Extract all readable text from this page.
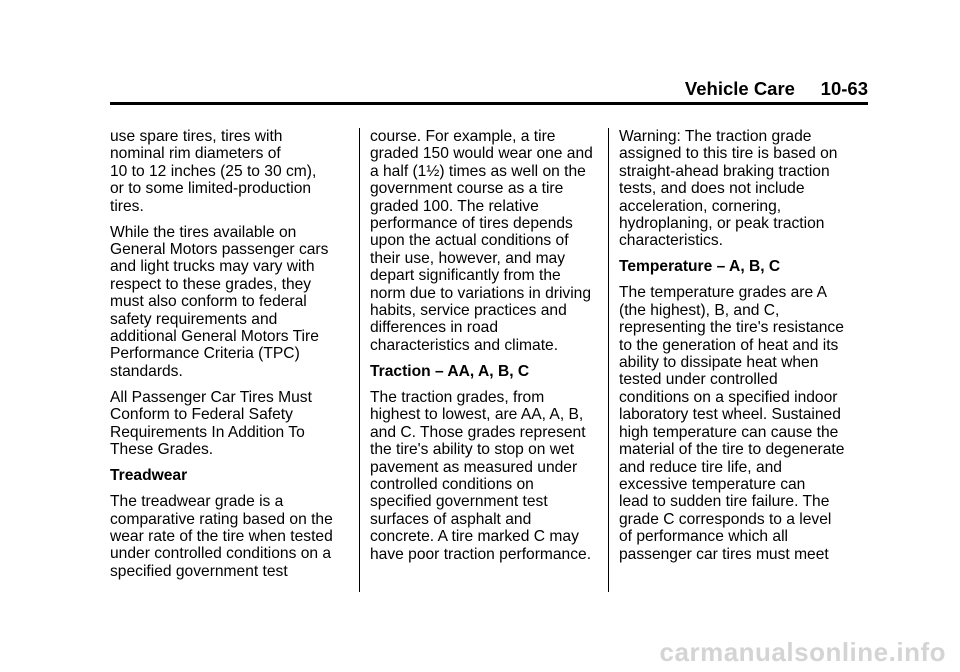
Vehicle Care 10-63

use spare tires, tires with
nominal rim diameters of
10 to 12 inches (25 to 30 cm),
or to some limited-production
tires.

While the tires available on
General Motors passenger cars
and light trucks may vary with
respect to these grades, they
must also conform to federal
safety requirements and
additional General Motors Tire
Performance Criteria (TPC)
standards.

All Passenger Car Tires Must
Conform to Federal Safety
Requirements In Addition To
These Grades.

Treadwear

The treadwear grade is a
comparative rating based on the
wear rate of the tire when tested
under controlled conditions on a
specified government test

course. For example, a tire
graded 150 would wear one and
a half (1½) times as well on the
government course as a tire
graded 100. The relative
performance of tires depends
upon the actual conditions of
their use, however, and may
depart significantly from the
norm due to variations in driving
habits, service practices and
differences in road
characteristics and climate.

Traction – AA, A, B, C

The traction grades, from
highest to lowest, are AA, A, B,
and C. Those grades represent
the tire's ability to stop on wet
pavement as measured under
controlled conditions on
specified government test
surfaces of asphalt and
concrete. A tire marked C may
have poor traction performance.

Warning: The traction grade
assigned to this tire is based on
straight-ahead braking traction
tests, and does not include
acceleration, cornering,
hydroplaning, or peak traction
characteristics.

Temperature – A, B, C

The temperature grades are A
(the highest), B, and C,
representing the tire's resistance
to the generation of heat and its
ability to dissipate heat when
tested under controlled
conditions on a specified indoor
laboratory test wheel. Sustained
high temperature can cause the
material of the tire to degenerate
and reduce tire life, and
excessive temperature can
lead to sudden tire failure. The
grade C corresponds to a level
of performance which all
passenger car tires must meet

carmanualsonline.info
